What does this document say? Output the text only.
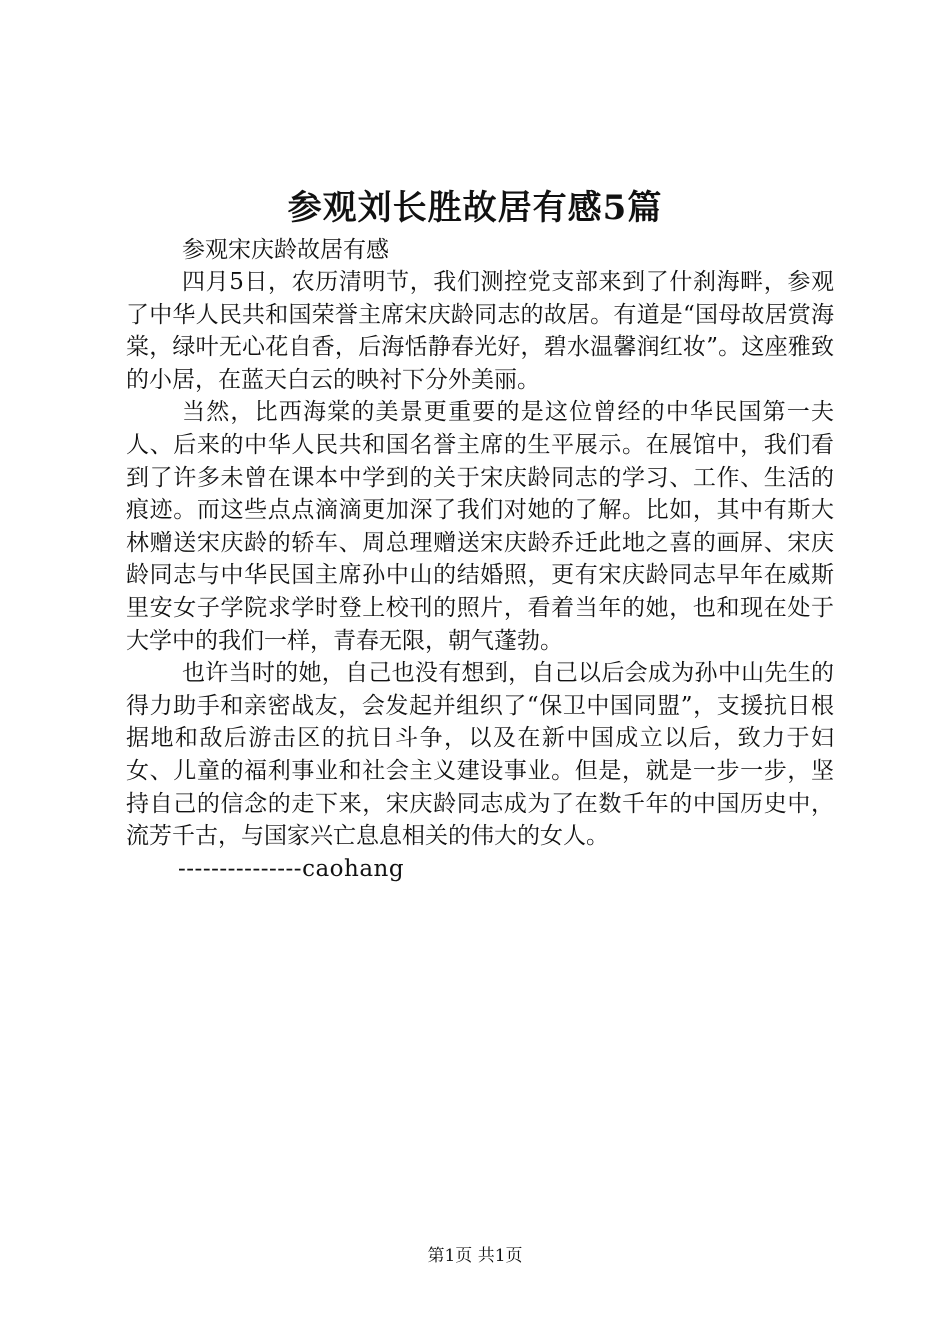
参观刘长胜故居有感5篇

参观宋庆龄故居有感

四月5日，农历清明节，我们测控党支部来到了什刹海畔，参观了中华人民共和国荣誉主席宋庆龄同志的故居。有道是“国母故居赏海棠，绿叶无心花自香，后海恬静春光好，碧水温馨润红妆”。这座雅致的小居，在蓝天白云的映衬下分外美丽。

当然，比西海棠的美景更重要的是这位曾经的中华民国第一夫人、后来的中华人民共和国名誉主席的生平展示。在展馆中，我们看到了许多未曾在课本中学到的关于宋庆龄同志的学习、工作、生活的痕迹。而这些点点滴滴更加深了我们对她的了解。比如，其中有斯大林赠送宋庆龄的轿车、周总理赠送宋庆龄乔迁此地之喜的画屏、宋庆龄同志与中华民国主席孙中山的结婚照，更有宋庆龄同志早年在威斯里安女子学院求学时登上校刊的照片，看着当年的她，也和现在处于大学中的我们一样，青春无限，朝气蓬勃。

也许当时的她，自己也没有想到，自己以后会成为孙中山先生的得力助手和亲密战友，会发起并组织了“保卫中国同盟”，支援抗日根据地和敌后游击区的抗日斗争，以及在新中国成立以后，致力于妇女、儿童的福利事业和社会主义建设事业。但是，就是一步一步，坚持自己的信念的走下来，宋庆龄同志成为了在数千年的中国历史中，流芳千古，与国家兴亡息息相关的伟大的女人。

---------------caohang

第1页 共1页
